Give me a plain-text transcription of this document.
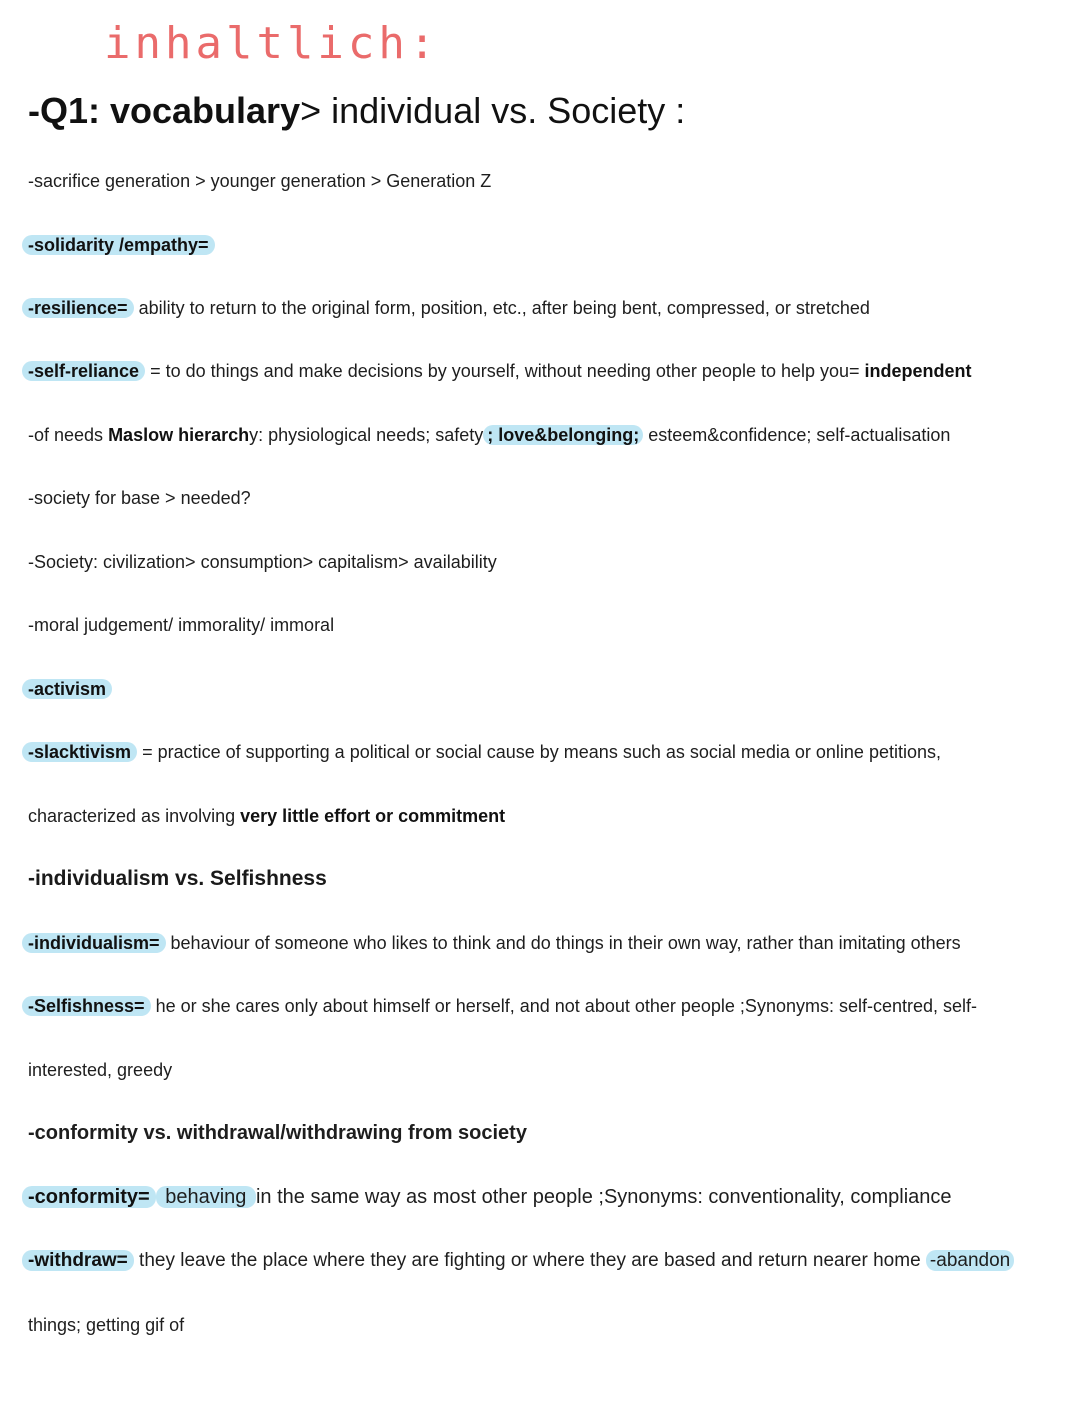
inhaltlich:
-Q1: vocabulary> individual vs. Society :
-sacrifice generation > younger generation > Generation Z
-solidarity /empathy=
-resilience= ability to return to the original form, position, etc., after being bent, compressed, or stretched
-self-reliance = to do things and make decisions by yourself, without needing other people to help you= independent
-of needs Maslow hierarchy: physiological needs; safety ; love&belonging; esteem&confidence; self-actualisation
-society for base > needed?
-Society: civilization> consumption> capitalism> availability
-moral judgement/ immorality/ immoral
-activism
-slacktivism = practice of supporting a political or social cause by means such as social media or online petitions,
characterized as involving very little effort or commitment
-individualism vs. Selfishness
-individualism= behaviour of someone who likes to think and do things in their own way, rather than imitating others
-Selfishness= he or she cares only about himself or herself, and not about other people ;Synonyms: self-centred, self-
interested, greedy
-conformity vs. withdrawal/withdrawing from society
-conformity= behaving in the same way as most other people ;Synonyms: conventionality, compliance
-withdraw= they leave the place where they are fighting or where they are based and return nearer home -abandon
things; getting gif of
